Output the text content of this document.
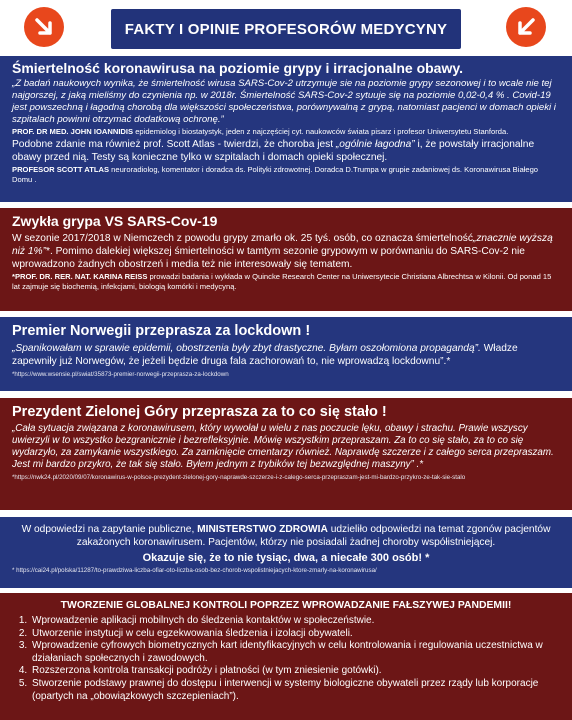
FAKTY I OPINIE PROFESORÓW MEDYCYNY
Śmiertelność koronawirusa na poziomie grypy i irracjonalne obawy.

„Z badań naukowych wynika, że śmiertelność wirusa SARS-Cov-2 utrzymuje sie na poziomie grypy sezonowej i to wcale nie tej najgorszej, z jaką mieliśmy do czynienia np. w 2018r. Śmiertelność SARS-Cov-2 sytuuje się na poziomie 0,02-0,4 % . Covid-19 jest powszechną i łagodną chorobą dla większości społeczeństwa, porównywalną z grypą, natomiast pacjenci w domach opieki i szpitalach powinni otrzymać dodatkową ochronę.”

PROF. DR MED. JOHN IOANNIDIS epidemiolog i biostatystyk, jeden z najczęściej cyt. naukowców świata pisarz i profesor Uniwersytetu Stanforda.

Podobne zdanie ma również prof. Scott Atlas - twierdzi, że choroba jest „ogólnie łagodna” i, że powstały irracjonalne obawy przed nią. Testy są konieczne tylko w szpitalach i domach opieki społecznej.

PROFESOR SCOTT ATLAS neuroradiolog, komentator i doradca ds. Polityki zdrowotnej. Doradca D.Trumpa w grupie zadaniowej ds. Koronawirusa Białego Domu .

Zwykła grypa VS SARS-Cov-19

W sezonie 2017/2018 w Niemczech z powodu grypy zmarło ok. 25 tyś. osób, co oznacza śmiertelność„znacznie wyższą niż 1%”*. Pomimo dalekiej większej śmiertelności w tamtym sezonie grypowym w porównaniu do SARS-Cov-2 nie wprowadzono żadnych obostrzeń i media też nie interesowały się tematem.

*PROF. DR. RER. NAT. KARINA REISS prowadzi badania i wykłada w Quincke Research Center na Uniwersytecie Christiana Albrechtsa w Kilonii. Od ponad 15 lat zajmuje się biochemią, infekcjami, biologią komórki i medycyną.

Premier Norwegii przeprasza za lockdown !

„Spanikowałam w sprawie epidemii, obostrzenia były zbyt drastyczne. Byłam oszołomiona propagandą”. Władze zapewniły już Norwegów, że jeżeli będzie druga fala zachorowań to, nie wprowadzą lockdownu”.*

*https://www.wsensie.pl/swiat/35873-premier-norwegii-przeprasza-za-lockdown

Prezydent Zielonej Góry przeprasza za to co się stało !

„Cała sytuacja związana z koronawirusem, który wywołał u wielu z nas poczucie lęku, obawy i strachu. Prawie wszyscy uwierzyli w to wszystko bezgranicznie i bezrefleksyjnie. Mówię wszystkim przepraszam. Za to co się stało, za to co się wydarzyło, za zamykanie wszystkiego. Za zamknięcie cmentarzy również. Naprawdę szczerze i z całego serca przepraszam. Jest mi bardzo przykro, że tak się stało. Byłem jednym z trybików tej bezwzględnej maszyny” .*

*https://nwk24.pl/2020/09/07/koronawirus-w-polsce-prezydent-zielonej-gory-naprawde-szczerze-i-z-calego-serca-przepraszam-jest-mi-bardzo-przykro-ze-tak-sie-stalo

W odpowiedzi na zapytanie publiczne, MINISTERSTWO ZDROWIA udzieliło odpowiedzi na temat zgonów pacjentów zakażonych koronawirusem. Pacjentów, którzy nie posiadali żadnej choroby współistniejącej.

Okazuje się, że to nie tysiąc, dwa, a niecałe 300 osób! *

* https://cai24.pl/polska/11287/to-prawdziwa-liczba-ofiar-oto-liczba-osob-bez-chorob-wspolistniejacych-ktore-zmarly-na-koronawirusa/

TWORZENIE GLOBALNEJ KONTROLI POPRZEZ WPROWADZANIE FAŁSZYWEJ PANDEMII!

1. Wprowadzenie aplikacji mobilnych do śledzenia kontaktów w społeczeństwie.
2. Utworzenie instytucji w celu egzekwowania śledzenia i izolacji obywateli.
3. Wprowadzenie cyfrowych biometrycznych kart identyfikacyjnych w celu kontrolowania i regulowania uczestnictwa w działaniach społecznych i zawodowych.
4. Rozszerzona kontrola transakcji podróży i płatności (w tym zniesienie gotówki).
5. Stworzenie podstawy prawnej do dostępu i interwencji w systemy biologiczne obywateli przez rządy lub korporacje (opartych na „obowiązkowych szczepieniach”).
